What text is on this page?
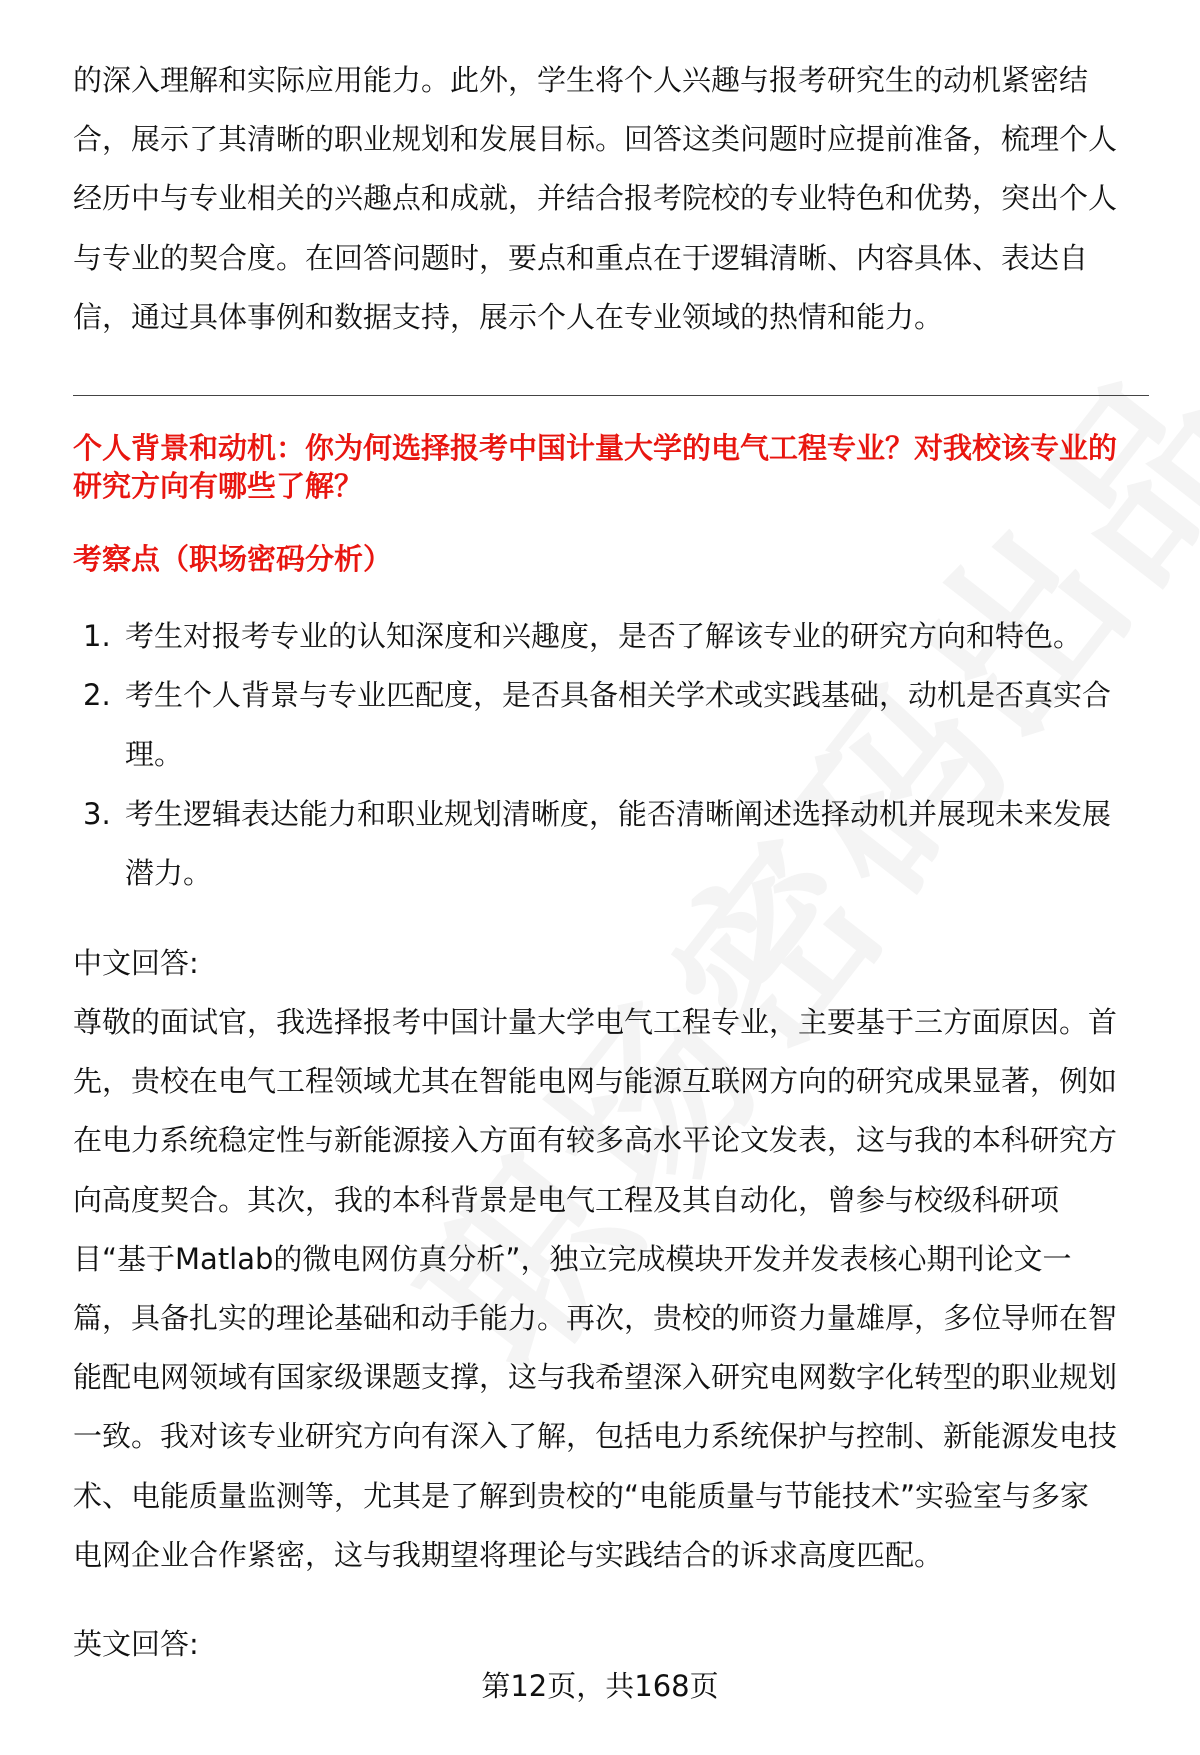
的深入理解和实际应用能力。此外，学生将个人兴趣与报考研究生的动机紧密结
合，展示了其清晰的职业规划和发展目标。回答这类问题时应提前准备，梳理个人
经历中与专业相关的兴趣点和成就，并结合报考院校的专业特色和优势，突出个人
与专业的契合度。在回答问题时，要点和重点在于逻辑清晰、内容具体、表达自
信，通过具体事例和数据支持，展示个人在专业领域的热情和能力。
个人背景和动机：你为何选择报考中国计量大学的电气工程专业？对我校该专业的
研究方向有哪些了解？
考察点（职场密码分析）
1. 考生对报考专业的认知深度和兴趣度，是否了解该专业的研究方向和特色。
2. 考生个人背景与专业匹配度，是否具备相关学术或实践基础，动机是否真实合
理。
3. 考生逻辑表达能力和职业规划清晰度，能否清晰阐述选择动机并展现未来发展
潜力。
中文回答:
尊敬的面试官，我选择报考中国计量大学电气工程专业，主要基于三方面原因。首
先，贵校在电气工程领域尤其在智能电网与能源互联网方向的研究成果显著，例如
在电力系统稳定性与新能源接入方面有较多高水平论文发表，这与我的本科研究方
向高度契合。其次，我的本科背景是电气工程及其自动化，曾参与校级科研项
目“基于Matlab的微电网仿真分析”，独立完成模块开发并发表核心期刊论文一
篇，具备扎实的理论基础和动手能力。再次，贵校的师资力量雄厚，多位导师在智
能配电网领域有国家级课题支撑，这与我希望深入研究电网数字化转型的职业规划
一致。我对该专业研究方向有深入了解，包括电力系统保护与控制、新能源发电技
术、电能质量监测等，尤其是了解到贵校的“电能质量与节能技术”实验室与多家
电网企业合作紧密，这与我期望将理论与实践结合的诉求高度匹配。
英文回答:
第12页，共168页
